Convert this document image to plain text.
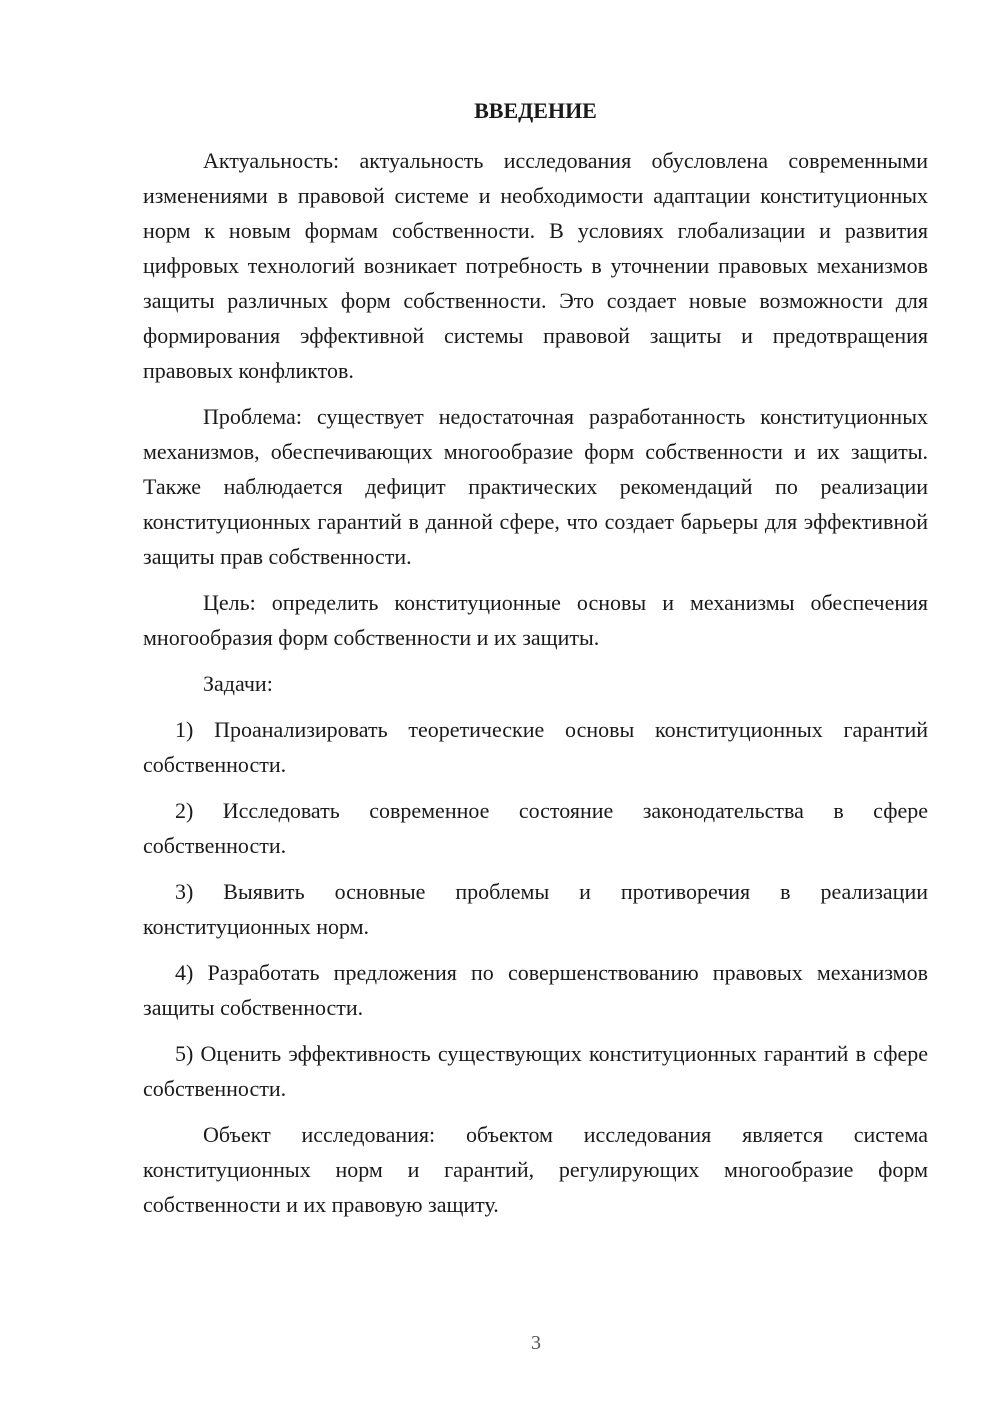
ВВЕДЕНИЕ

Актуальность: актуальность исследования обусловлена современными изменениями в правовой системе и необходимости адаптации конституционных норм к новым формам собственности. В условиях глобализации и развития цифровых технологий возникает потребность в уточнении правовых механизмов защиты различных форм собственности. Это создает новые возможности для формирования эффективной системы правовой защиты и предотвращения правовых конфликтов.

Проблема: существует недостаточная разработанность конституционных механизмов, обеспечивающих многообразие форм собственности и их защиты. Также наблюдается дефицит практических рекомендаций по реализации конституционных гарантий в данной сфере, что создает барьеры для эффективной защиты прав собственности.

Цель: определить конституционные основы и механизмы обеспечения многообразия форм собственности и их защиты.

Задачи:

1) Проанализировать теоретические основы конституционных гарантий собственности.

2) Исследовать современное состояние законодательства в сфере собственности.

3) Выявить основные проблемы и противоречия в реализации конституционных норм.

4) Разработать предложения по совершенствованию правовых механизмов защиты собственности.

5) Оценить эффективность существующих конституционных гарантий в сфере собственности.

Объект исследования: объектом исследования является система конституционных норм и гарантий, регулирующих многообразие форм собственности и их правовую защиту.

3
